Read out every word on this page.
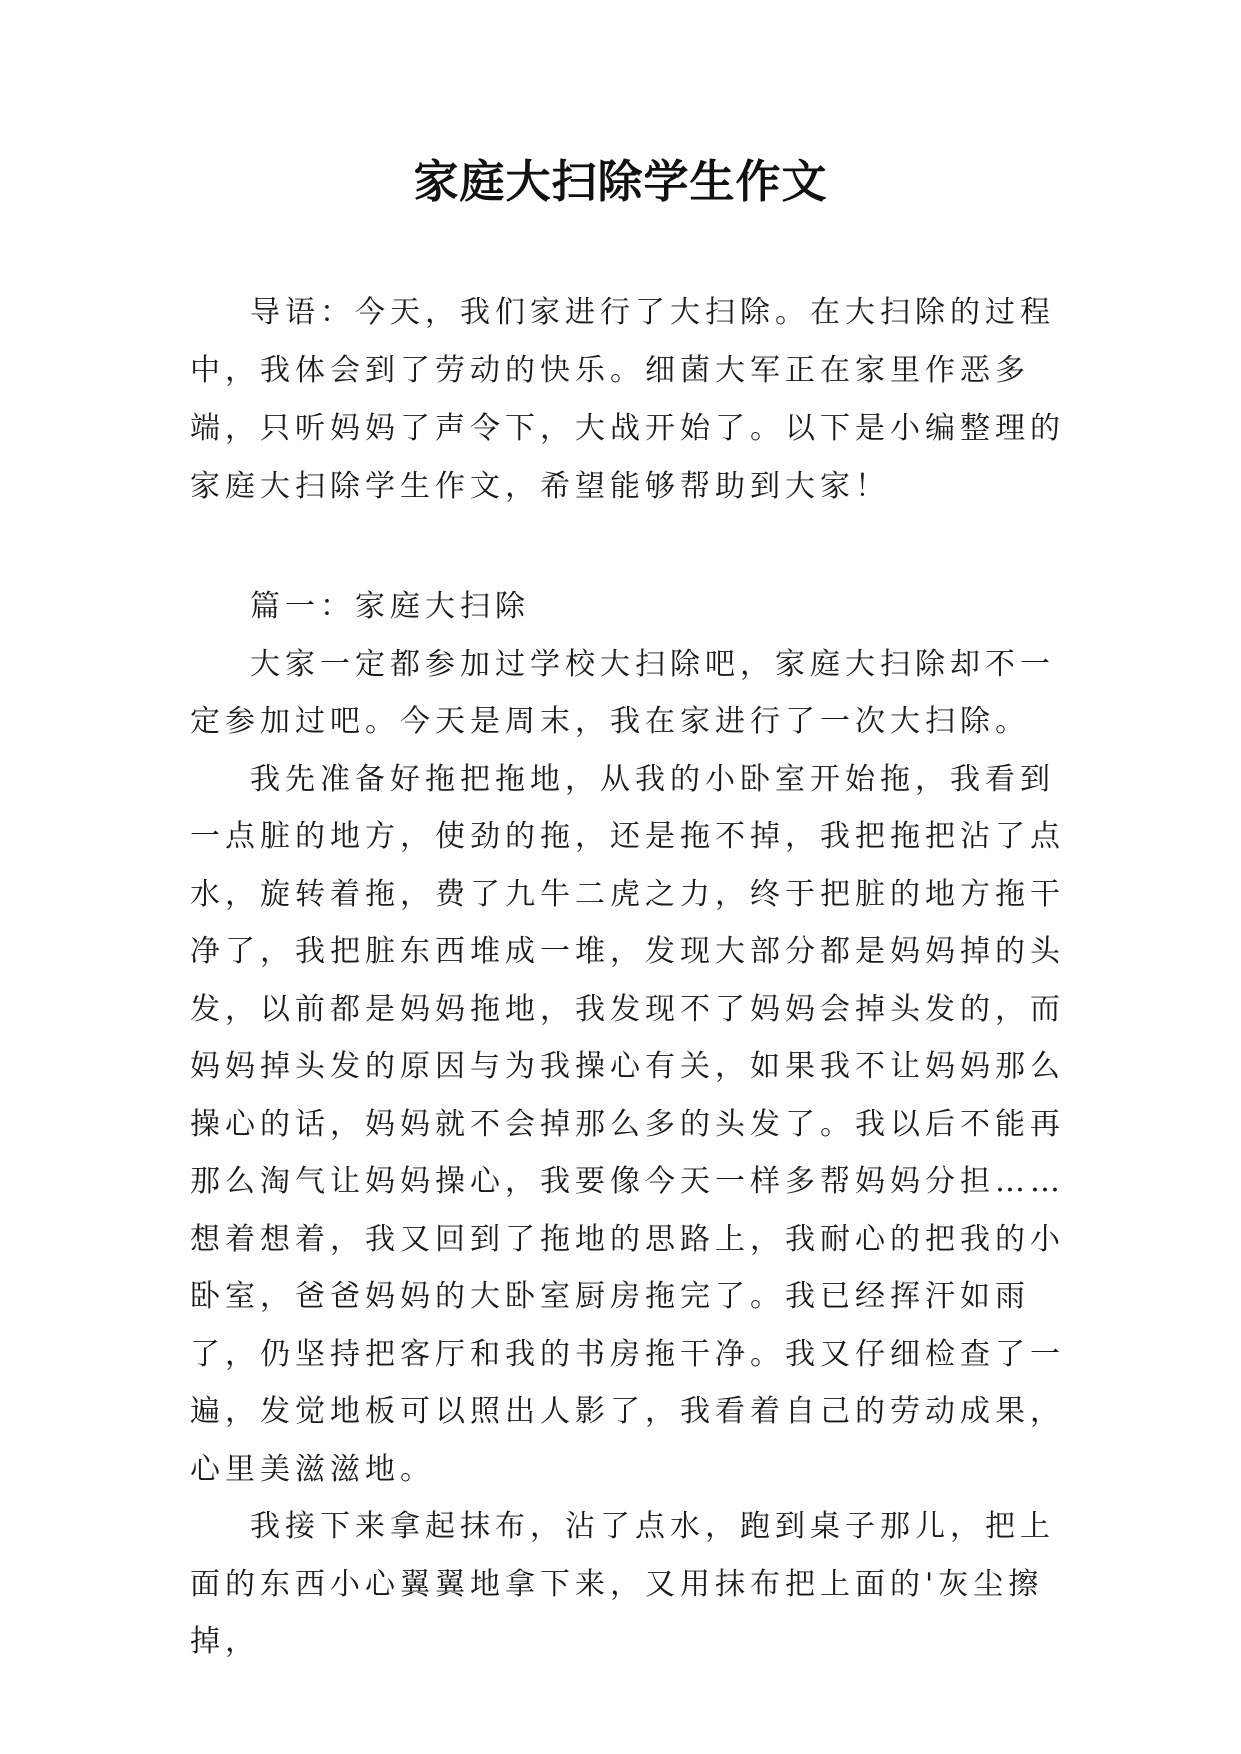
家庭大扫除学生作文

导语：今天，我们家进行了大扫除。在大扫除的过程中，我体会到了劳动的快乐。细菌大军正在家里作恶多端，只听妈妈了声令下，大战开始了。以下是小编整理的家庭大扫除学生作文，希望能够帮助到大家！

篇一：家庭大扫除

大家一定都参加过学校大扫除吧，家庭大扫除却不一定参加过吧。今天是周末，我在家进行了一次大扫除。

我先准备好拖把拖地，从我的小卧室开始拖，我看到一点脏的地方，使劲的拖，还是拖不掉，我把拖把沾了点水，旋转着拖，费了九牛二虎之力，终于把脏的地方拖干净了，我把脏东西堆成一堆，发现大部分都是妈妈掉的头发，以前都是妈妈拖地，我发现不了妈妈会掉头发的，而妈妈掉头发的原因与为我操心有关，如果我不让妈妈那么操心的话，妈妈就不会掉那么多的头发了。我以后不能再那么淘气让妈妈操心，我要像今天一样多帮妈妈分担……想着想着，我又回到了拖地的思路上，我耐心的把我的小卧室，爸爸妈妈的大卧室厨房拖完了。我已经挥汗如雨了，仍坚持把客厅和我的书房拖干净。我又仔细检查了一遍，发觉地板可以照出人影了，我看着自己的劳动成果，心里美滋滋地。

我接下来拿起抹布，沾了点水，跑到桌子那儿，把上面的东西小心翼翼地拿下来，又用抹布把上面的'灰尘擦掉，
